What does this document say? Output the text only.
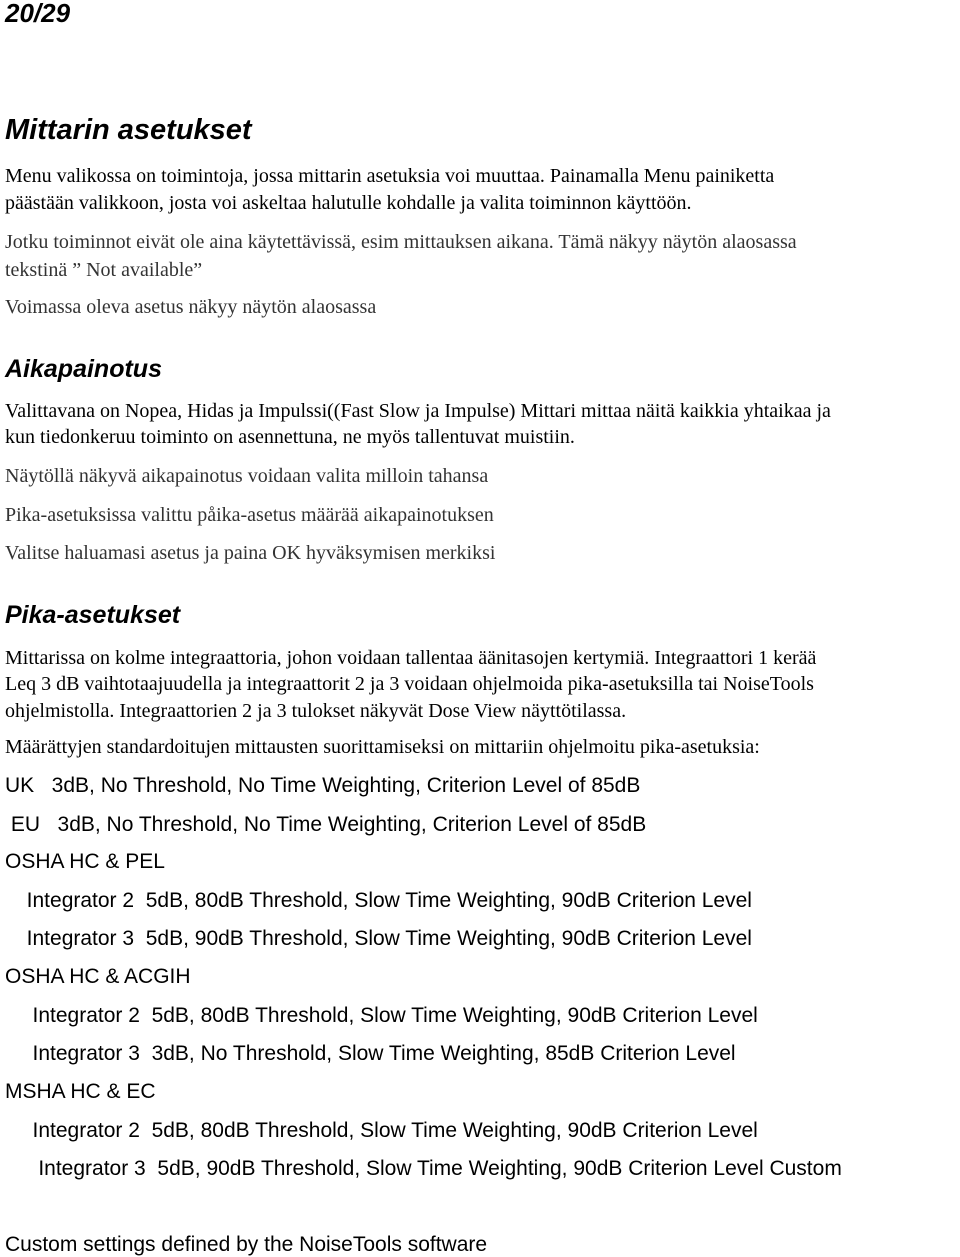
20/29
Mittarin asetukset
Menu valikossa on toimintoja, jossa mittarin asetuksia voi muuttaa. Painamalla Menu painiketta
päästään valikkoon, josta voi askeltaa halutulle kohdalle ja valita toiminnon käyttöön.
Jotku toiminnot eivät ole aina käytettävissä, esim mittauksen aikana. Tämä näkyy näytön alaosassa
tekstinä ” Not available”
Voimassa oleva asetus näkyy näytön alaosassa
Aikapainotus
Valittavana on Nopea, Hidas ja Impulssi((Fast Slow ja Impulse) Mittari mittaa näitä kaikkia yhtaikaa ja
kun tiedonkeruu toiminto on asennettuna, ne myös tallentuvat muistiin.
Näytöllä näkyvä aikapainotus voidaan valita milloin tahansa
Pika-asetuksissa valittu påika-asetus määrää aikapainotuksen
Valitse haluamasi asetus ja paina OK hyväksymisen merkiksi
Pika-asetukset
Mittarissa on kolme integraattoria, johon voidaan tallentaa äänitasojen kertymiä. Integraattori 1 kerää
Leq 3 dB vaihtotaajuudella ja integraattorit 2 ja 3 voidaan ohjelmoida pika-asetuksilla tai NoiseTools
ohjelmistolla. Integraattorien 2 ja 3 tulokset näkyvät Dose View näyttötilassa.
Määrättyjen standardoitujen mittausten suorittamiseksi on mittariin ohjelmoitu pika-asetuksia:
UK   3dB, No Threshold, No Time Weighting, Criterion Level of 85dB
EU   3dB, No Threshold, No Time Weighting, Criterion Level of 85dB
OSHA HC & PEL
Integrator 2  5dB, 80dB Threshold, Slow Time Weighting, 90dB Criterion Level
Integrator 3  5dB, 90dB Threshold, Slow Time Weighting, 90dB Criterion Level
OSHA HC & ACGIH
Integrator 2  5dB, 80dB Threshold, Slow Time Weighting, 90dB Criterion Level
Integrator 3  3dB, No Threshold, Slow Time Weighting, 85dB Criterion Level
MSHA HC & EC
Integrator 2  5dB, 80dB Threshold, Slow Time Weighting, 90dB Criterion Level
Integrator 3  5dB, 90dB Threshold, Slow Time Weighting, 90dB Criterion Level Custom
Custom settings defined by the NoiseTools software
